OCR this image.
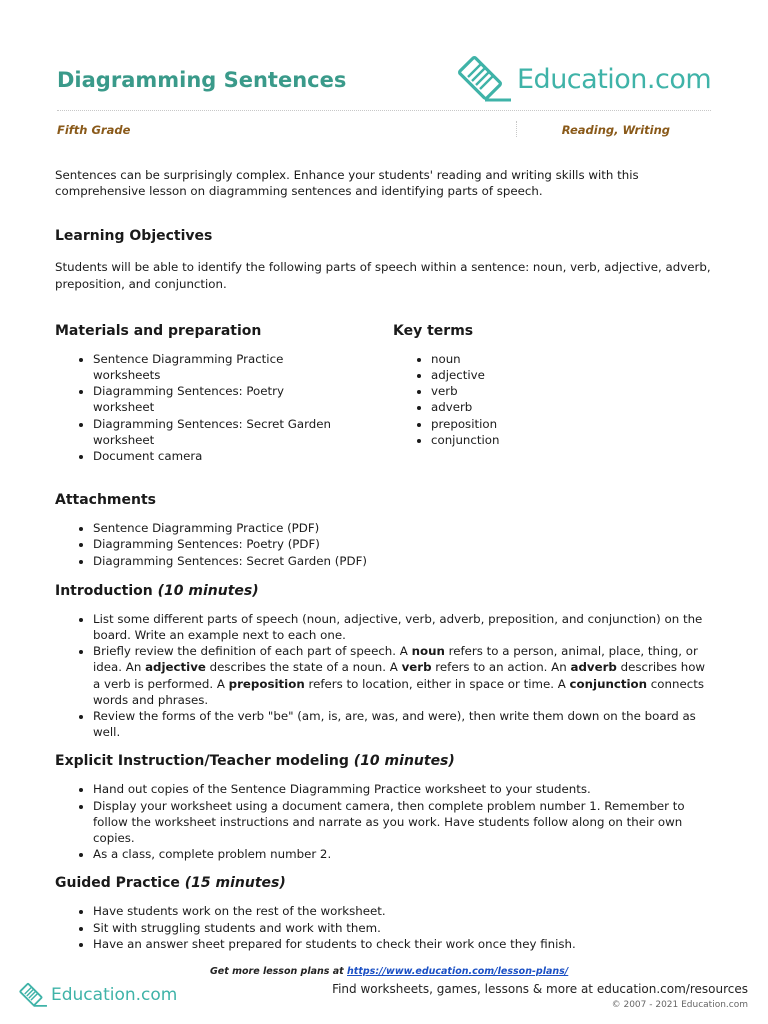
Diagramming Sentences	Education.com
Fifth Grade	Reading, Writing

Sentences can be surprisingly complex. Enhance your students' reading and writing skills with this comprehensive lesson on diagramming sentences and identifying parts of speech.

Learning Objectives

Students will be able to identify the following parts of speech within a sentence: noun, verb, adjective, adverb, preposition, and conjunction.

Materials and preparation
• Sentence Diagramming Practice worksheets
• Diagramming Sentences: Poetry worksheet
• Diagramming Sentences: Secret Garden worksheet
• Document camera
Key terms
• noun
• adjective
• verb
• adverb
• preposition
• conjunction
Attachments
• Sentence Diagramming Practice (PDF)
• Diagramming Sentences: Poetry (PDF)
• Diagramming Sentences: Secret Garden (PDF)
Introduction (10 minutes)
• List some different parts of speech (noun, adjective, verb, adverb, preposition, and conjunction) on the board. Write an example next to each one.
• Briefly review the definition of each part of speech. A noun refers to a person, animal, place, thing, or idea. An adjective describes the state of a noun. A verb refers to an action. An adverb describes how a verb is performed. A preposition refers to location, either in space or time. A conjunction connects words and phrases.
• Review the forms of the verb "be" (am, is, are, was, and were), then write them down on the board as well.
Explicit Instruction/Teacher modeling (10 minutes)
• Hand out copies of the Sentence Diagramming Practice worksheet to your students.
• Display your worksheet using a document camera, then complete problem number 1. Remember to follow the worksheet instructions and narrate as you work. Have students follow along on their own copies.
• As a class, complete problem number 2.
Guided Practice (15 minutes)
• Have students work on the rest of the worksheet.
• Sit with struggling students and work with them.
• Have an answer sheet prepared for students to check their work once they finish.
Get more lesson plans at https://www.education.com/lesson-plans/
Education.com	Find worksheets, games, lessons & more at education.com/resources
© 2007 - 2021 Education.com
